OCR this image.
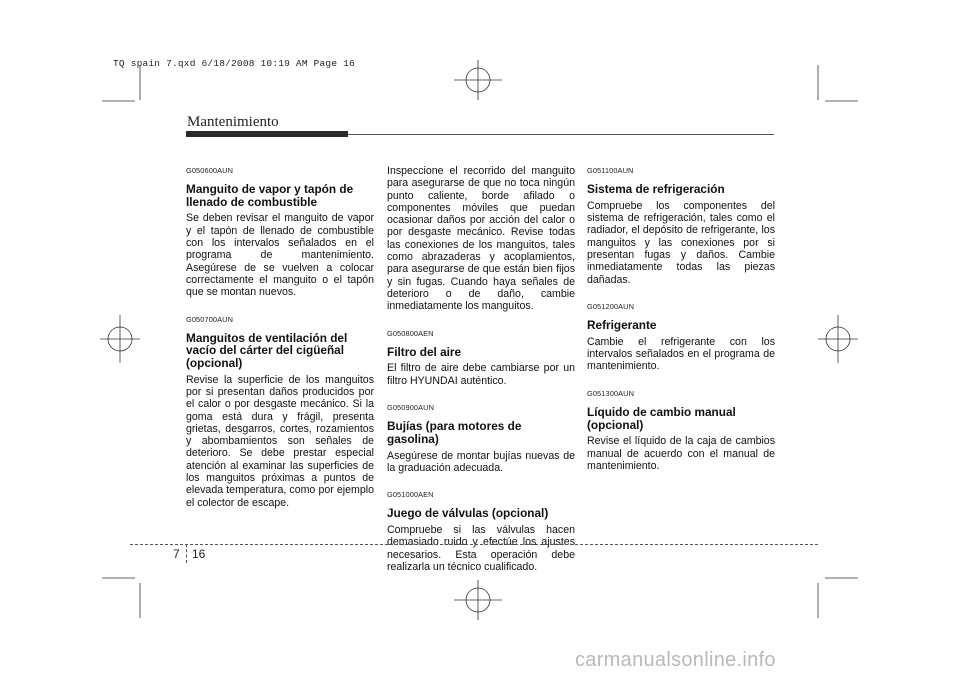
TQ spain 7.qxd 6/18/2008 10:19 AM Page 16
Mantenimiento
G050600AUN
Manguito de vapor y tapón de llenado de combustible
Se deben revisar el manguito de vapor y el tapón de llenado de combustible con los intervalos señalados en el programa de mantenimiento. Asegúrese de se vuelven a colocar correctamente el manguito o el tapón que se montan nuevos.
G050700AUN
Manguitos de ventilación del vacío del cárter del cigüeñal (opcional)
Revise la superficie de los manguitos por si presentan daños producidos por el calor o por desgaste mecánico. Si la goma está dura y frágil, presenta grietas, desgarros, cortes, rozamientos y abombamientos son señales de deterioro. Se debe prestar especial atención al examinar las superficies de los manguitos próximas a puntos de elevada temperatura, como por ejemplo el colector de escape.
Inspeccione el recorrido del manguito para asegurarse de que no toca ningún punto caliente, borde afilado o componentes móviles que puedan ocasionar daños por acción del calor o por desgaste mecánico. Revise todas las conexiones de los manguitos, tales como abrazaderas y acoplamientos, para asegurarse de que están bien fijos y sin fugas. Cuando haya señales de deterioro o de daño, cambie inmediatamente los manguitos.
G050800AEN
Filtro del aire
El filtro de aire debe cambiarse por un filtro HYUNDAI auténtico.
G050900AUN
Bujías (para motores de gasolina)
Asegúrese de montar bujías nuevas de la graduación adecuada.
G051000AEN
Juego de válvulas (opcional)
Compruebe si las válvulas hacen demasiado ruido y efectúe los ajustes necesarios. Esta operación debe realizarla un técnico cualificado.
G051100AUN
Sistema de refrigeración
Compruebe los componentes del sistema de refrigeración, tales como el radiador, el depósito de refrigerante, los manguitos y las conexiones por si presentan fugas y daños. Cambie inmediatamente todas las piezas dañadas.
G051200AUN
Refrigerante
Cambie el refrigerante con los intervalos señalados en el programa de mantenimiento.
G051300AUN
Líquido de cambio manual (opcional)
Revise el líquido de la caja de cambios manual de acuerdo con el manual de mantenimiento.
7 16
carmanualsonline.info
